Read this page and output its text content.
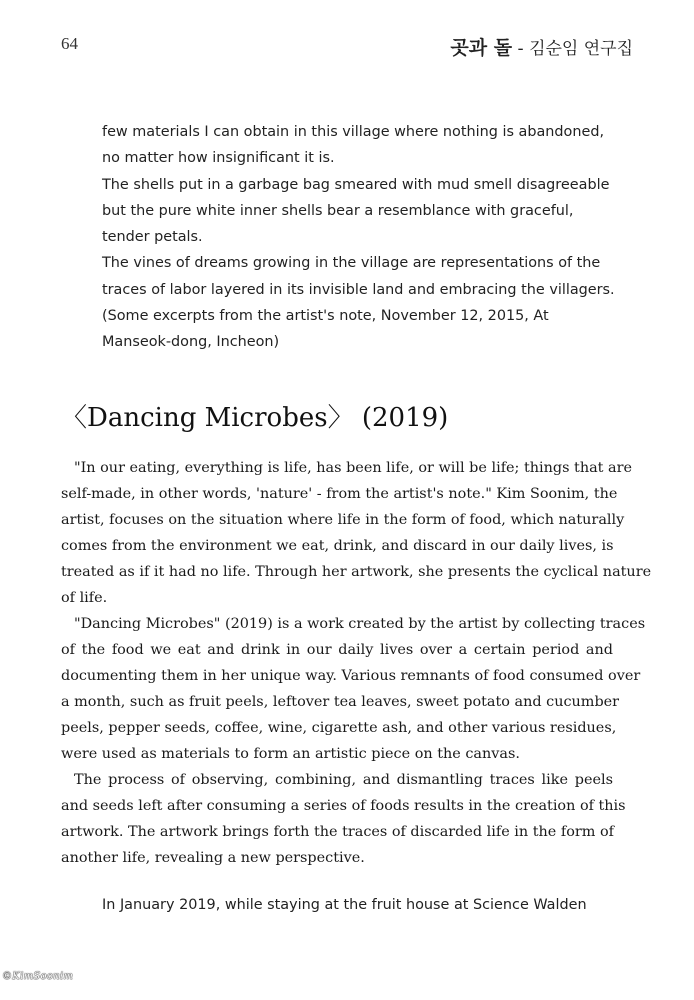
64	곳과 돌 - 김순임 연구집

few materials I can obtain in this village where nothing is abandoned,

no matter how insignificant it is.

The shells put in a garbage bag smeared with mud smell disagreeable

but the pure white inner shells bear a resemblance with graceful,

tender petals.

The vines of dreams growing in the village are representations of the

traces of labor layered in its invisible land and embracing the villagers.

(Some excerpts from the artist's note, November 12, 2015, At

Manseok-dong, Incheon)

〈Dancing Microbes〉 (2019)

"In our eating, everything is life, has been life, or will be life; things that are

self-made, in other words, 'nature' - from the artist's note." Kim Soonim, the

artist, focuses on the situation where life in the form of food, which naturally

comes from the environment we eat, drink, and discard in our daily lives, is

treated as if it had no life. Through her artwork, she presents the cyclical nature

of life.

"Dancing Microbes" (2019) is a work created by the artist by collecting traces

of the food we eat and drink in our daily lives over a certain period and

documenting them in her unique way. Various remnants of food consumed over

a month, such as fruit peels, leftover tea leaves, sweet potato and cucumber

peels, pepper seeds, coffee, wine, cigarette ash, and other various residues,

were used as materials to form an artistic piece on the canvas.

The process of observing, combining, and dismantling traces like peels

and seeds left after consuming a series of foods results in the creation of this

artwork. The artwork brings forth the traces of discarded life in the form of

another life, revealing a new perspective.

In January 2019, while staying at the fruit house at Science Walden

©KimSoonim
